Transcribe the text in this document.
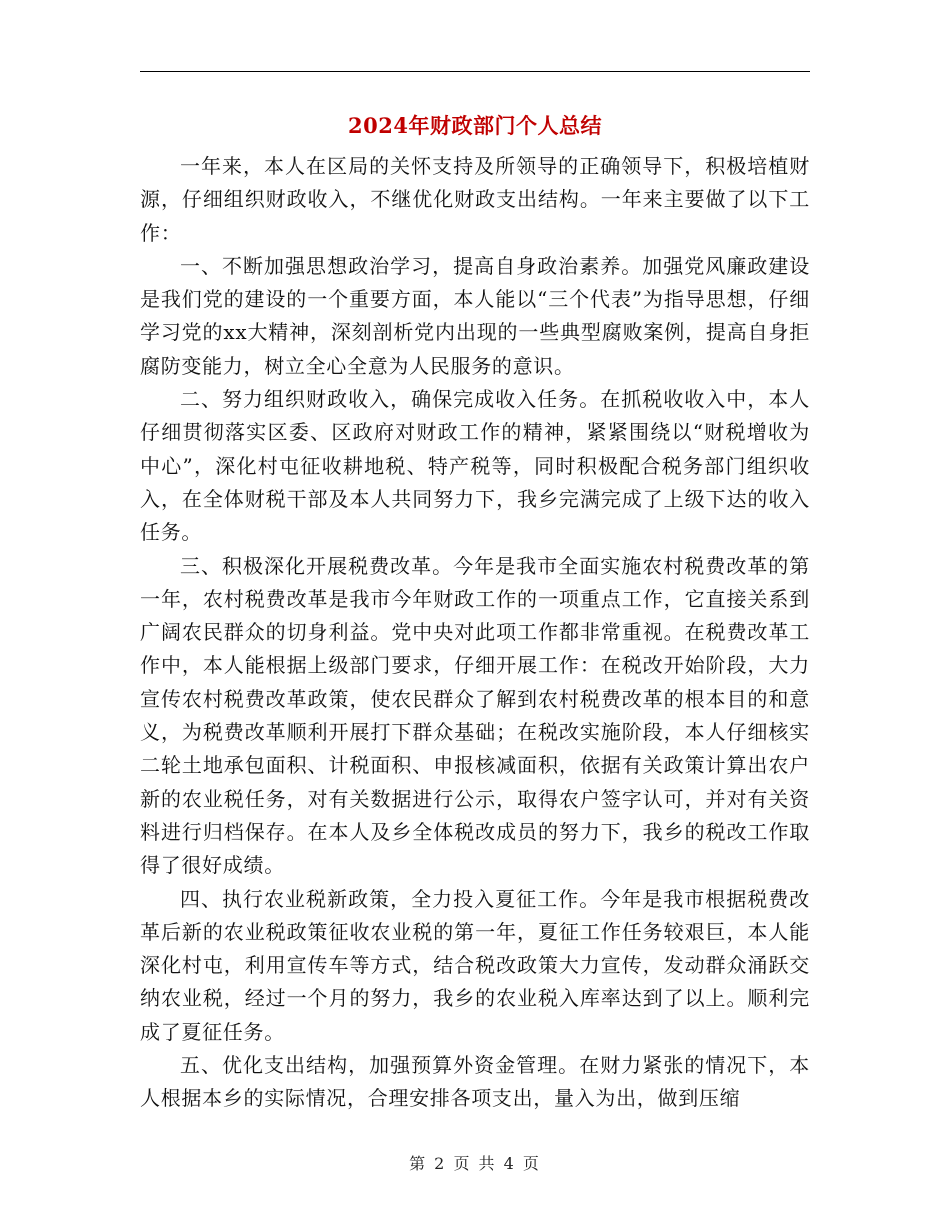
2024年财政部门个人总结

一年来，本人在区局的关怀支持及所领导的正确领导下，积极培植财源，仔细组织财政收入，不继优化财政支出结构。一年来主要做了以下工作：

一、不断加强思想政治学习，提高自身政治素养。加强党风廉政建设是我们党的建设的一个重要方面，本人能以“三个代表”为指导思想，仔细学习党的xx大精神，深刻剖析党内出现的一些典型腐败案例，提高自身拒腐防变能力，树立全心全意为人民服务的意识。

二、努力组织财政收入，确保完成收入任务。在抓税收收入中，本人仔细贯彻落实区委、区政府对财政工作的精神，紧紧围绕以“财税增收为中心”，深化村屯征收耕地税、特产税等，同时积极配合税务部门组织收入，在全体财税干部及本人共同努力下，我乡完满完成了上级下达的收入任务。

三、积极深化开展税费改革。今年是我市全面实施农村税费改革的第一年，农村税费改革是我市今年财政工作的一项重点工作，它直接关系到广阔农民群众的切身利益。党中央对此项工作都非常重视。在税费改革工作中，本人能根据上级部门要求，仔细开展工作：在税改开始阶段，大力宣传农村税费改革政策，使农民群众了解到农村税费改革的根本目的和意义，为税费改革顺利开展打下群众基础；在税改实施阶段，本人仔细核实二轮土地承包面积、计税面积、申报核减面积，依据有关政策计算出农户新的农业税任务，对有关数据进行公示，取得农户签字认可，并对有关资料进行归档保存。在本人及乡全体税改成员的努力下，我乡的税改工作取得了很好成绩。

四、执行农业税新政策，全力投入夏征工作。今年是我市根据税费改革后新的农业税政策征收农业税的第一年，夏征工作任务较艰巨，本人能深化村屯，利用宣传车等方式，结合税改政策大力宣传，发动群众涌跃交纳农业税，经过一个月的努力，我乡的农业税入库率达到了以上。顺利完成了夏征任务。

五、优化支出结构，加强预算外资金管理。在财力紧张的情况下，本人根据本乡的实际情况，合理安排各项支出，量入为出，做到压缩

第 2 页 共 4 页
